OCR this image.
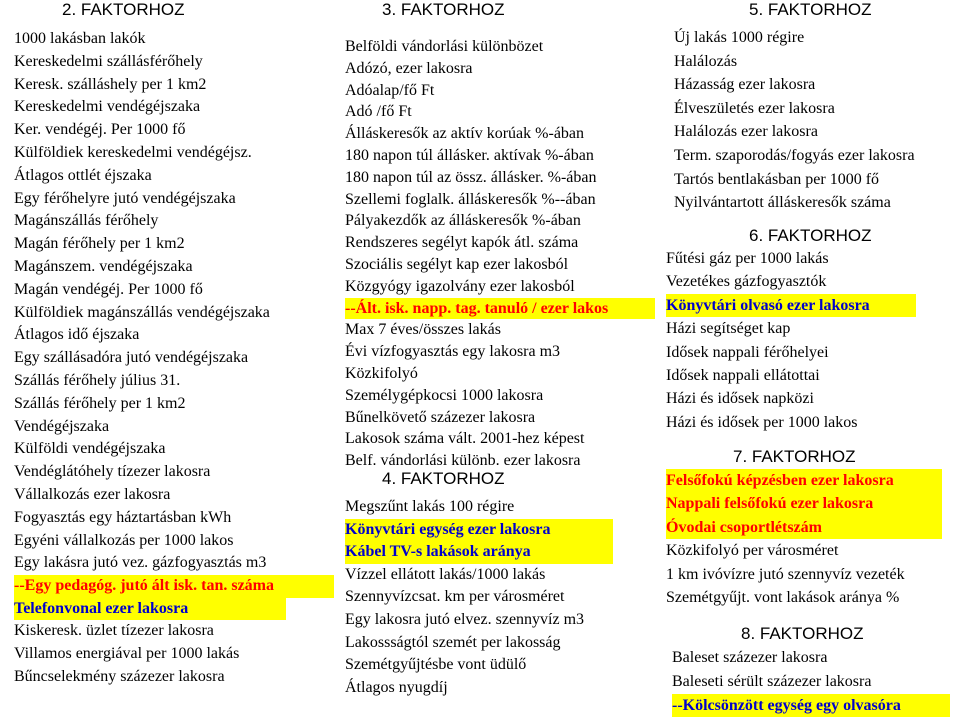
2. FAKTORHOZ	3. FAKTORHOZ	5. FAKTORHOZ
4. FAKTORHOZ
6. FAKTORHOZ
7. FAKTORHOZ
8. FAKTORHOZ
1000 lakásban lakók
Kereskedelmi szállásférőhely
Keresk. szálláshely per 1 km2
Kereskedelmi vendégéjszaka
Ker. vendégéj. Per 1000 fő
Külföldiek kereskedelmi vendégéjsz.
Átlagos ottlét éjszaka
Egy férőhelyre jutó vendégéjszaka
Magánszállás férőhely
Magán férőhely per 1 km2
Magánszem. vendégéjszaka
Magán vendégéj. Per 1000 fő
Külföldiek magánszállás vendégéjszaka
Átlagos idő éjszaka
Egy szállásadóra jutó vendégéjszaka
Szállás férőhely július 31.
Szállás férőhely per 1 km2
Vendégéjszaka
Külföldi vendégéjszaka
Vendéglátóhely tízezer lakosra
Vállalkozás ezer lakosra
Fogyasztás egy háztartásban kWh
Egyéni vállalkozás per 1000 lakos
Egy lakásra jutó vez. gázfogyasztás m3
--Egy pedagóg. jutó ált isk. tan. száma
Telefonvonal ezer lakosra
Kiskeresk. üzlet tízezer lakosra
Villamos energiával per 1000 lakás
Bűncselekmény százezer lakosra
Belföldi vándorlási különbözet
Adózó, ezer lakosra
Adóalap/fő Ft
Adó /fő Ft
Álláskeresők az aktív korúak %-ában
180 napon túl állásker. aktívak %-ában
180 napon túl az össz. állásker. %-ában
Szellemi foglalk. álláskeresők %--ában
Pályakezdők az álláskeresők %-ában
Rendszeres segélyt kapók átl. száma
Szociális segélyt kap ezer lakosból
Közgyógy igazolvány ezer lakosból
--Ált. isk. napp. tag. tanuló / ezer lakos
Max 7 éves/összes lakás
Évi vízfogyasztás egy lakosra m3
Közkifolyó
Személygépkocsi 1000 lakosra
Bűnelkövető százezer lakosra
Lakosok száma vált. 2001-hez képest
Belf. vándorlási különb. ezer lakosra
Megszűnt lakás 100 régire
Könyvtári egység ezer lakosra
Kábel TV-s lakások aránya
Vízzel ellátott lakás/1000 lakás
Szennyvízcsat. km per városméret
Egy lakosra jutó elvez. szennyvíz m3
Lakossságtól szemét per lakosság
Szemétgyűjtésbe vont üdülő
Átlagos nyugdíj
Új lakás 1000 régire
Halálozás
Házasság ezer lakosra
Élveszületés ezer lakosra
Halálozás ezer lakosra
Term. szaporodás/fogyás ezer lakosra
Tartós bentlakásban per 1000 fő
Nyilvántartott álláskeresők száma
Fűtési gáz per 1000 lakás
Vezetékes gázfogyasztók
Könyvtári olvasó ezer lakosra
Házi segítséget kap
Idősek nappali férőhelyei
Idősek nappali ellátottai
Házi és idősek napközi
Házi és idősek per 1000 lakos
Felsőfokú képzésben ezer lakosra
Nappali felsőfokú ezer lakosra
Óvodai csoportlétszám
Közkifolyó per városméret
1 km ivóvízre jutó szennyvíz vezeték
Szemétgyűjt. vont lakások aránya %
Baleset százezer lakosra
Baleseti sérült százezer lakosra
--Kölcsönzött egység egy olvasóra
